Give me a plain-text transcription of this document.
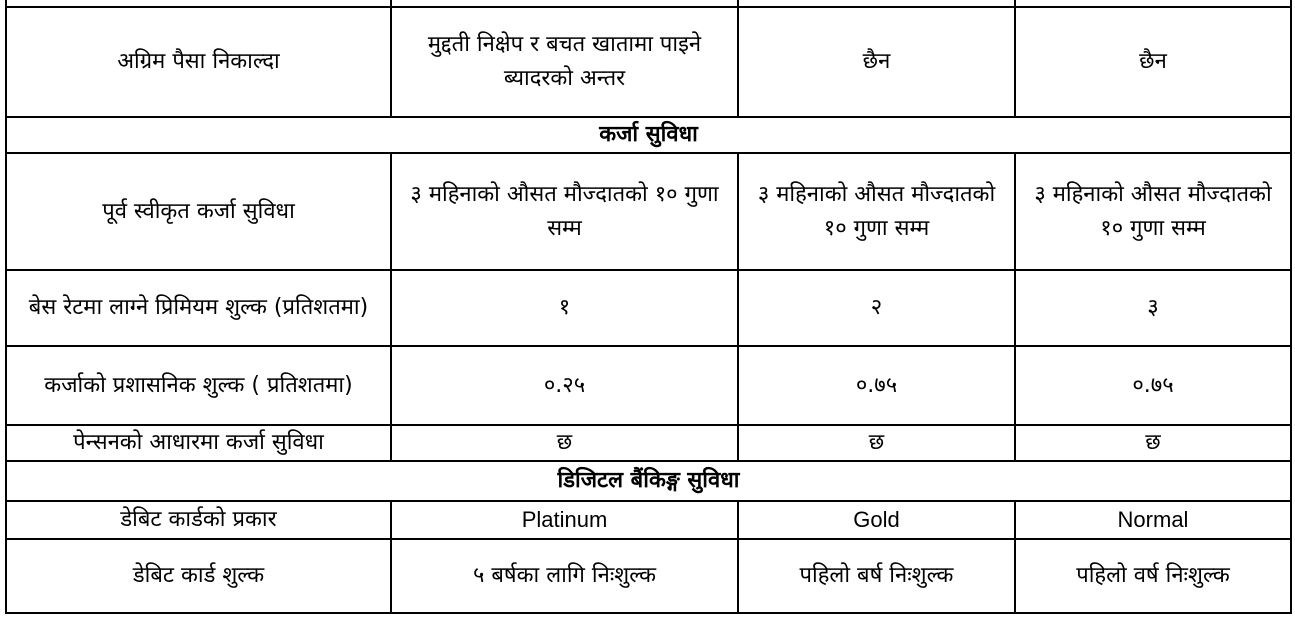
अग्रिम पैसा निकाल्दा	मुद्दती निक्षेप र बचत खातामा पाइने ब्यादरको अन्तर	छैन	छैन
कर्जा सुविधा			
पूर्व स्वीकृत कर्जा सुविधा	३ महिनाको औसत मौज्दातको १० गुणा सम्म	३ महिनाको औसत मौज्दातको १० गुणा सम्म	३ महिनाको औसत मौज्दातको १० गुणा सम्म
बेस रेटमा लाग्ने प्रिमियम शुल्क (प्रतिशतमा)	१	२	३
कर्जाको प्रशासनिक शुल्क ( प्रतिशतमा)	०.२५	०.७५	०.७५
पेन्सनको आधारमा कर्जा सुविधा	छ	छ	छ
डिजिटल बैंकिङ्ग सुविधा			
डेबिट कार्डको प्रकार	Platinum	Gold	Normal
डेबिट कार्ड शुल्क	५ बर्षका लागि निःशुल्क	पहिलो बर्ष निःशुल्क	पहिलो वर्ष निःशुल्क
